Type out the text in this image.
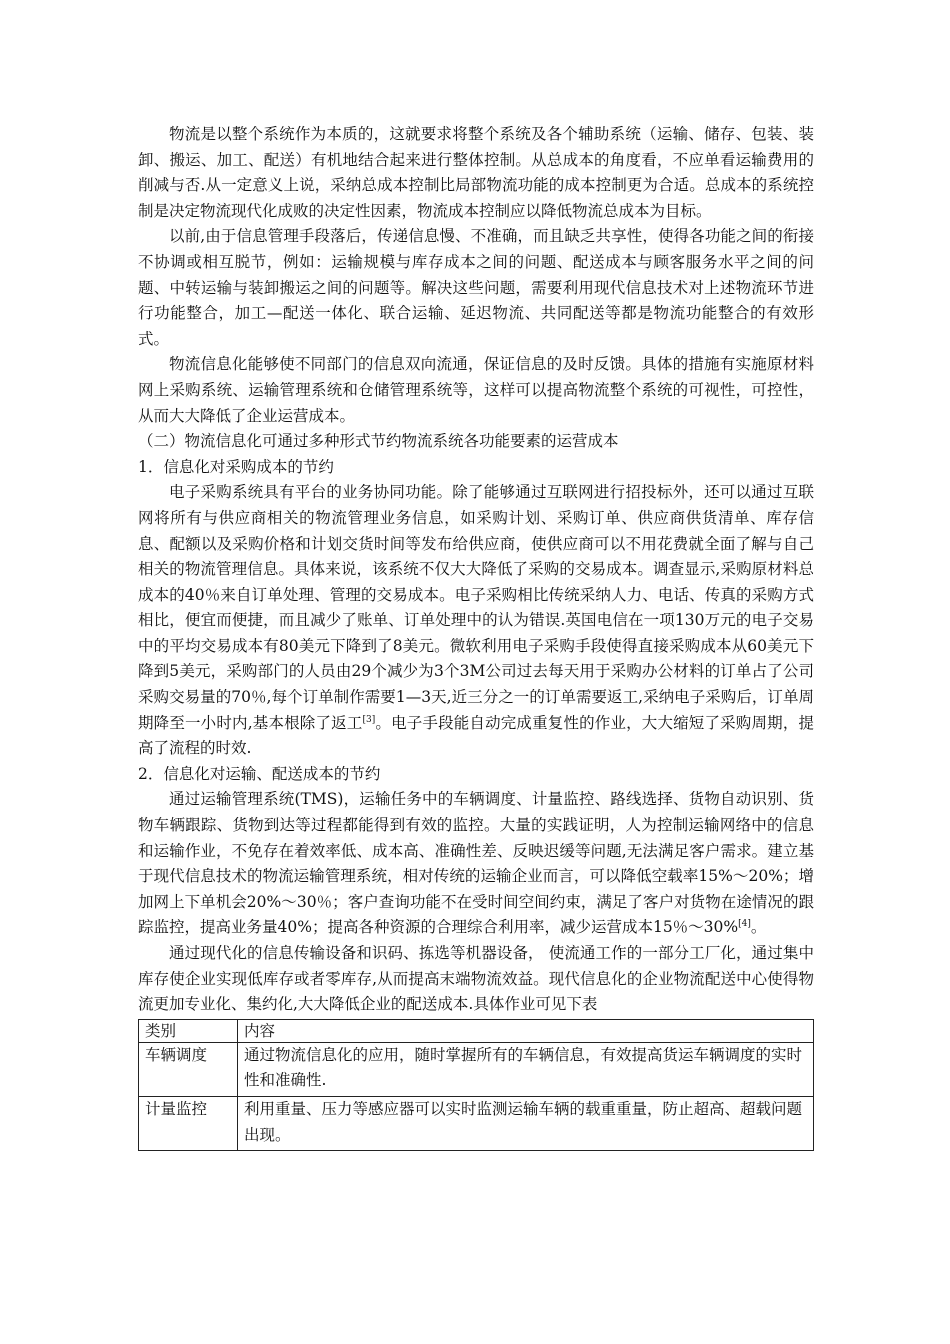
物流是以整个系统作为本质的，这就要求将整个系统及各个辅助系统（运输、储存、包装、装卸、搬运、加工、配送）有机地结合起来进行整体控制。从总成本的角度看，不应单看运输费用的削减与否.从一定意义上说，采纳总成本控制比局部物流功能的成本控制更为合适。总成本的系统控制是决定物流现代化成败的决定性因素，物流成本控制应以降低物流总成本为目标。

以前,由于信息管理手段落后，传递信息慢、不准确，而且缺乏共享性，使得各功能之间的衔接不协调或相互脱节，例如：运输规模与库存成本之间的问题、配送成本与顾客服务水平之间的问题、中转运输与装卸搬运之间的问题等。解决这些问题，需要利用现代信息技术对上述物流环节进行功能整合，加工—配送一体化、联合运输、延迟物流、共同配送等都是物流功能整合的有效形式。

物流信息化能够使不同部门的信息双向流通，保证信息的及时反馈。具体的措施有实施原材料网上采购系统、运输管理系统和仓储管理系统等，这样可以提高物流整个系统的可视性，可控性，从而大大降低了企业运营成本。

（二）物流信息化可通过多种形式节约物流系统各功能要素的运营成本

1．信息化对采购成本的节约

电子采购系统具有平台的业务协同功能。除了能够通过互联网进行招投标外，还可以通过互联网将所有与供应商相关的物流管理业务信息，如采购计划、采购订单、供应商供货清单、库存信息、配额以及采购价格和计划交货时间等发布给供应商，使供应商可以不用花费就全面了解与自己相关的物流管理信息。具体来说，该系统不仅大大降低了采购的交易成本。调查显示,采购原材料总成本的40％来自订单处理、管理的交易成本。电子采购相比传统采纳人力、电话、传真的采购方式相比，便宜而便捷，而且减少了账单、订单处理中的认为错误.英国电信在一项130万元的电子交易中的平均交易成本有80美元下降到了8美元。微软利用电子采购手段使得直接采购成本从60美元下降到5美元，采购部门的人员由29个减少为3个3M公司过去每天用于采购办公材料的订单占了公司采购交易量的70％,每个订单制作需要1—3天,近三分之一的订单需要返工,采纳电子采购后，订单周期降至一小时内,基本根除了返工[3]。电子手段能自动完成重复性的作业，大大缩短了采购周期，提高了流程的时效.

2．信息化对运输、配送成本的节约

通过运输管理系统(TMS)，运输任务中的车辆调度、计量监控、路线选择、货物自动识别、货物车辆跟踪、货物到达等过程都能得到有效的监控。大量的实践证明，人为控制运输网络中的信息和运输作业，不免存在着效率低、成本高、准确性差、反映迟缓等问题,无法满足客户需求。建立基于现代信息技术的物流运输管理系统，相对传统的运输企业而言，可以降低空载率15%～20%；增加网上下单机会20%～30％；客户查询功能不在受时间空间约束，满足了客户对货物在途情况的跟踪监控，提高业务量40%；提高各种资源的合理综合利用率，减少运营成本15％～30%[4]。

通过现代化的信息传输设备和识码、拣选等机器设备， 使流通工作的一部分工厂化，通过集中库存使企业实现低库存或者零库存,从而提高末端物流效益。现代信息化的企业物流配送中心使得物流更加专业化、集约化,大大降低企业的配送成本.具体作业可见下表

类别	内容
车辆调度	通过物流信息化的应用，随时掌握所有的车辆信息，有效提高货运车辆调度的实时性和准确性.
计量监控	利用重量、压力等感应器可以实时监测运输车辆的载重重量，防止超高、超载问题出现。
